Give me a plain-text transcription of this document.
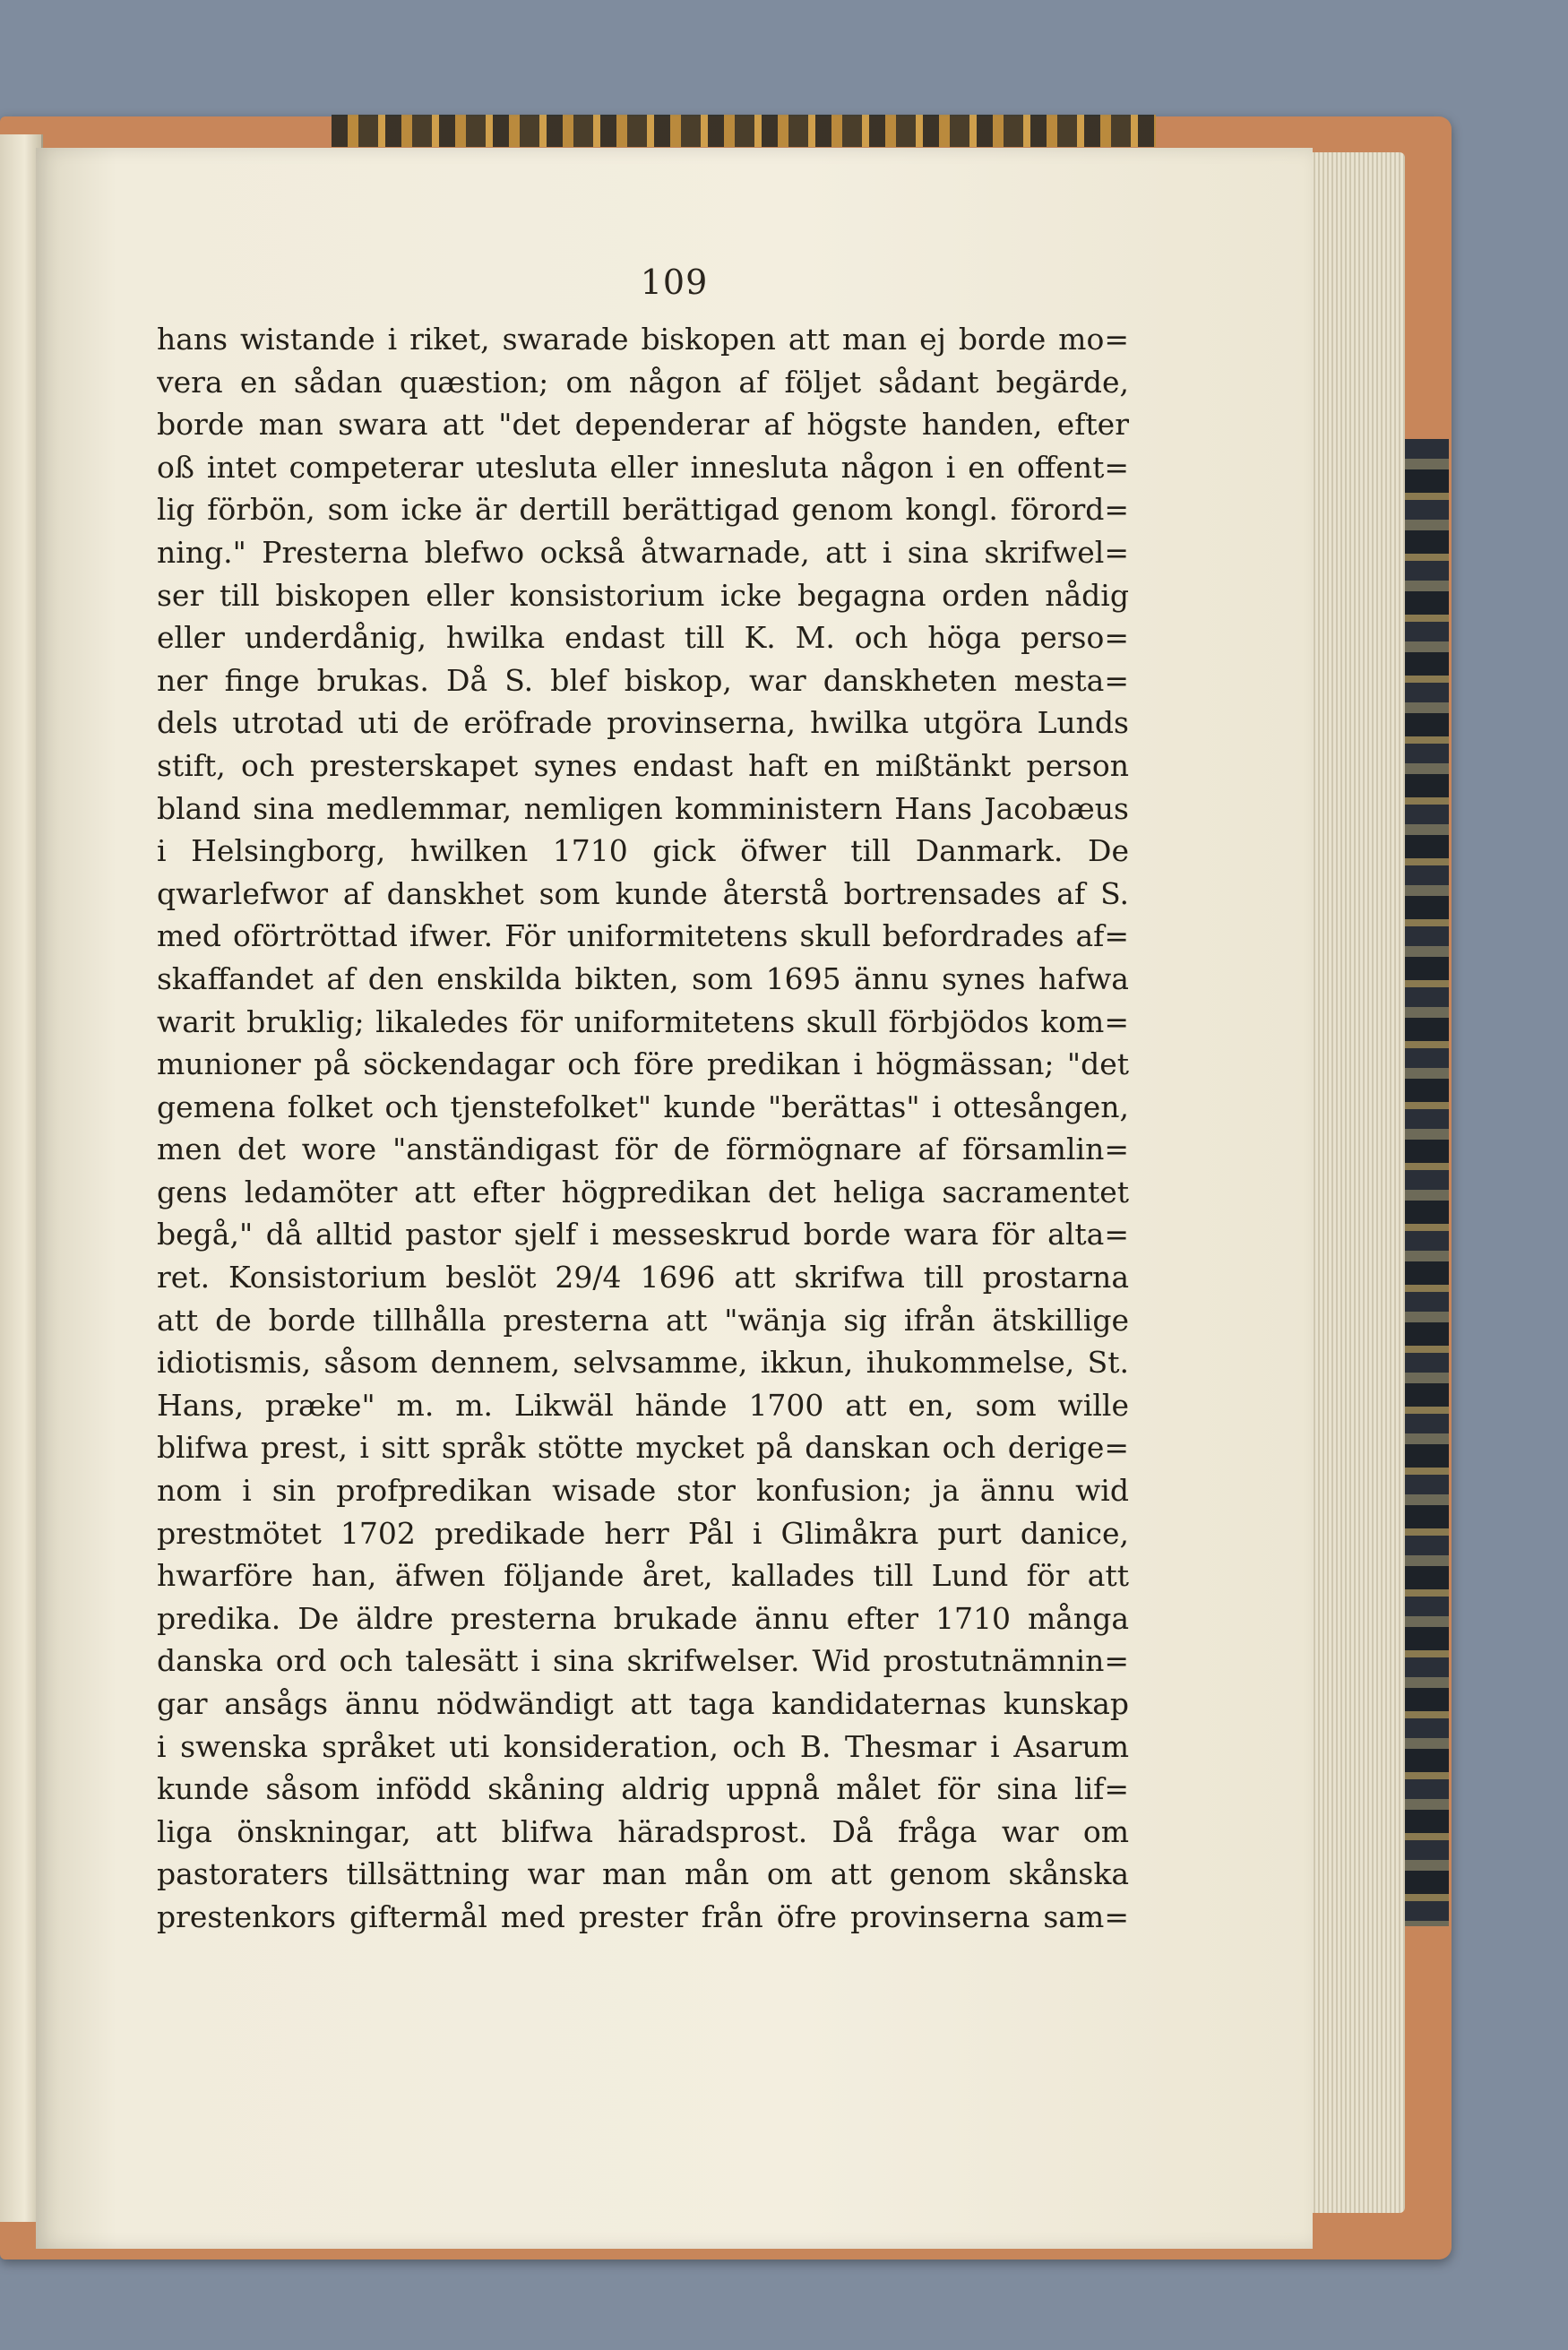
109
hans wistande i riket, swarade biskopen att man ej borde mo=
vera en sådan quæstion; om någon af följet sådant begärde,
borde man swara att "det dependerar af högste handen, efter
oß intet competerar utesluta eller innesluta någon i en offent=
lig förbön, som icke är dertill berättigad genom kongl. förord=
ning." Presterna blefwo också åtwarnade, att i sina skrifwel=
ser till biskopen eller konsistorium icke begagna orden nådig
eller underdånig, hwilka endast till K. M. och höga perso=
ner finge brukas. Då S. blef biskop, war danskheten mesta=
dels utrotad uti de eröfrade provinserna, hwilka utgöra Lunds
stift, och presterskapet synes endast haft en mißtänkt person
bland sina medlemmar, nemligen komministern Hans Jacobæus
i Helsingborg, hwilken 1710 gick öfwer till Danmark. De
qwarlefwor af danskhet som kunde återstå bortrensades af S.
med oförtröttad ifwer. För uniformitetens skull befordrades af=
skaffandet af den enskilda bikten, som 1695 ännu synes hafwa
warit bruklig; likaledes för uniformitetens skull förbjödos kom=
munioner på söckendagar och före predikan i högmässan; "det
gemena folket och tjenstefolket" kunde "berättas" i ottesången,
men det wore "anständigast för de förmögnare af församlin=
gens ledamöter att efter högpredikan det heliga sacramentet
begå," då alltid pastor sjelf i messeskrud borde wara för alta=
ret. Konsistorium beslöt 29/4 1696 att skrifwa till prostarna
att de borde tillhålla presterna att "wänja sig ifrån ätskillige
idiotismis, såsom dennem, selvsamme, ikkun, ihukommelse, St.
Hans, præke" m. m. Likwäl hände 1700 att en, som wille
blifwa prest, i sitt språk stötte mycket på danskan och derige=
nom i sin profpredikan wisade stor konfusion; ja ännu wid
prestmötet 1702 predikade herr Pål i Glimåkra purt danice,
hwarföre han, äfwen följande året, kallades till Lund för att
predika. De äldre presterna brukade ännu efter 1710 många
danska ord och talesätt i sina skrifwelser. Wid prostutnämnin=
gar ansågs ännu nödwändigt att taga kandidaternas kunskap
i swenska språket uti konsideration, och B. Thesmar i Asarum
kunde såsom infödd skåning aldrig uppnå målet för sina lif=
liga önskningar, att blifwa häradsprost. Då fråga war om
pastoraters tillsättning war man mån om att genom skånska
prestenkors giftermål med prester från öfre provinserna sam=
